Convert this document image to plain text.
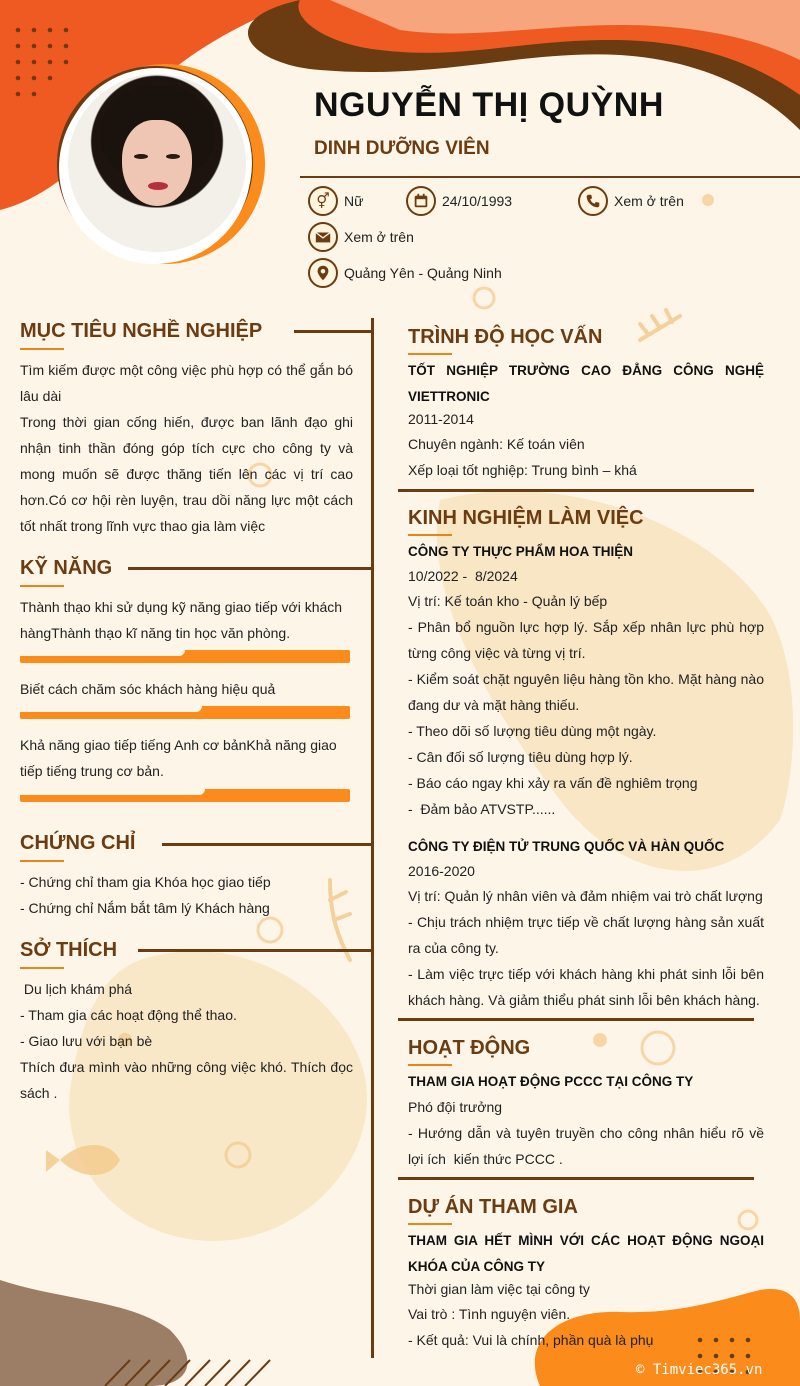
NGUYỄN THỊ QUỲNH
DINH DƯỠNG VIÊN
⚥	Nữ	24/10/1993	Xem ở trên
Xem ở trên
Quảng Yên - Quảng Ninh
MỤC TIÊU NGHỀ NGHIỆP
Tìm kiếm được một công việc phù hợp có thể gắn bó lâu dài
Trong thời gian cống hiến, được ban lãnh đạo ghi nhận tinh thần đóng góp tích cực cho công ty và mong muốn sẽ được thăng tiến lên các vị trí cao hơn.Có cơ hội rèn luyện, trau dồi năng lực một cách tốt nhất trong lĩnh vực thao gia làm việc
KỸ NĂNG
Thành thạo khi sử dụng kỹ năng giao tiếp với khách hàngThành thạo kĩ năng tin học văn phòng.
Biết cách chăm sóc khách hàng hiệu quả
Khả năng giao tiếp tiếng Anh cơ bảnKhả năng giao tiếp tiếng trung cơ bản.
CHỨNG CHỈ
- Chứng chỉ tham gia Khóa học giao tiếp
- Chứng chỉ Nắm bắt tâm lý Khách hàng
SỞ THÍCH
Du lịch khám phá
- Tham gia các hoạt động thể thao.
- Giao lưu với bạn bè
Thích đưa mình vào những công việc khó. Thích đọc sách .
TRÌNH ĐỘ HỌC VẤN
TỐT NGHIỆP TRƯỜNG CAO ĐẲNG CÔNG NGHỆ VIETTRONIC
2011-2014
Chuyên ngành: Kế toán viên
Xếp loại tốt nghiệp: Trung bình – khá
KINH NGHIỆM LÀM VIỆC
CÔNG TY THỰC PHẨM HOA THIỆN
10/2022 -  8/2024
Vị trí: Kế toán kho - Quản lý bếp
- Phân bổ nguồn lực hợp lý. Sắp xếp nhân lực phù hợp từng công việc và từng vị trí.
- Kiểm soát chặt nguyên liệu hàng tồn kho. Mặt hàng nào đang dư và mặt hàng thiếu.
- Theo dõi số lượng tiêu dùng một ngày.
- Cân đối số lượng tiêu dùng hợp lý.
- Báo cáo ngay khi xảy ra vấn đề nghiêm trọng
-  Đảm bảo ATVSTP......
CÔNG TY ĐIỆN TỬ TRUNG QUỐC VÀ HÀN QUỐC
2016-2020
Vị trí: Quản lý nhân viên và đảm nhiệm vai trò chất lượng
- Chịu trách nhiệm trực tiếp về chất lượng hàng sản xuất ra của công ty.
- Làm việc trực tiếp với khách hàng khi phát sinh lỗi bên khách hàng. Và giảm thiểu phát sinh lỗi bên khách hàng.
HOẠT ĐỘNG
THAM GIA HOẠT ĐỘNG PCCC TẠI CÔNG TY
Phó đội trưởng
- Hướng dẫn và tuyên truyền cho công nhân hiểu rõ về  lợi ích  kiến thức PCCC .
DỰ ÁN THAM GIA
THAM GIA HẾT MÌNH VỚI CÁC HOẠT ĐỘNG NGOẠI KHÓA CỦA CÔNG TY
Thời gian làm việc tại công ty
Vai trò : Tình nguyện viên.
- Kết quả: Vui là chính, phần quà là phụ
© Timviec365.vn
